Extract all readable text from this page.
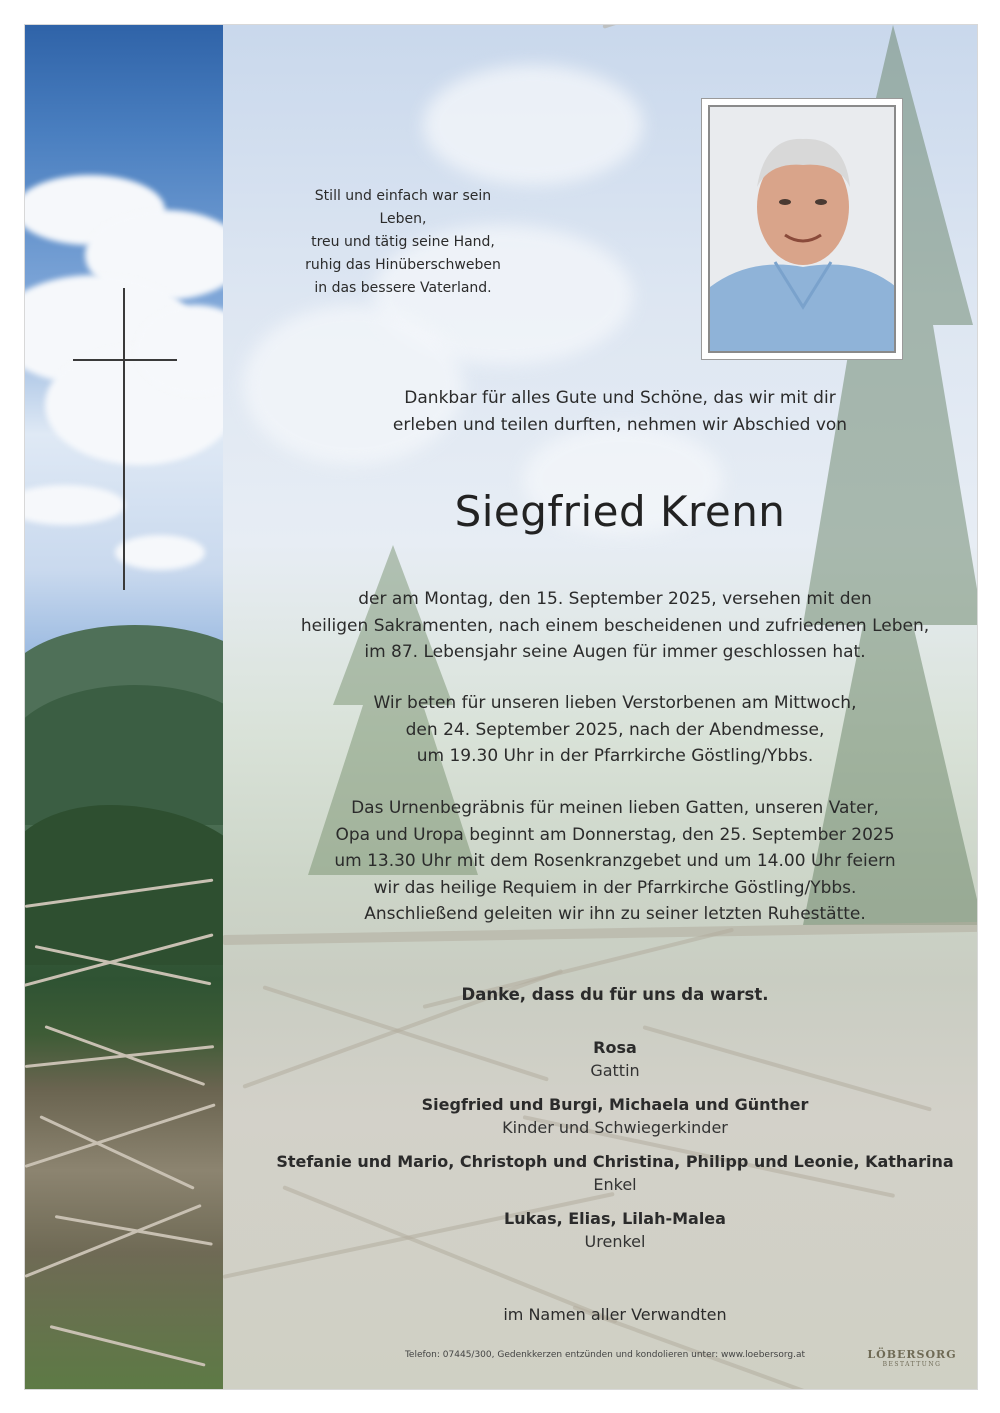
Still und einfach war sein Leben,
treu und tätig seine Hand,
ruhig das Hinüberschweben
in das bessere Vaterland.
Dankbar für alles Gute und Schöne, das wir mit dir
erleben und teilen durften, nehmen wir Abschied von
Siegfried Krenn
der am Montag, den 15. September 2025, versehen mit den
heiligen Sakramenten, nach einem bescheidenen und zufriedenen Leben,
im 87. Lebensjahr seine Augen für immer geschlossen hat.
Wir beten für unseren lieben Verstorbenen am Mittwoch,
den 24. September 2025, nach der Abendmesse,
um 19.30 Uhr in der Pfarrkirche Göstling/Ybbs.
Das Urnenbegräbnis für meinen lieben Gatten, unseren Vater,
Opa und Uropa beginnt am Donnerstag, den 25. September 2025
um 13.30 Uhr mit dem Rosenkranzgebet und um 14.00 Uhr feiern
wir das heilige Requiem in der Pfarrkirche Göstling/Ybbs.
Anschließend geleiten wir ihn zu seiner letzten Ruhestätte.
Danke, dass du für uns da warst.
Rosa
Gattin
Siegfried und Burgi, Michaela und Günther
Kinder und Schwiegerkinder
Stefanie und Mario, Christoph und Christina, Philipp und Leonie, Katharina
Enkel
Lukas, Elias, Lilah-Malea
Urenkel
im Namen aller Verwandten
Telefon: 07445/300, Gedenkkerzen entzünden und kondolieren unter: www.loebersorg.at	LÖBERSORG
BESTATTUNG
